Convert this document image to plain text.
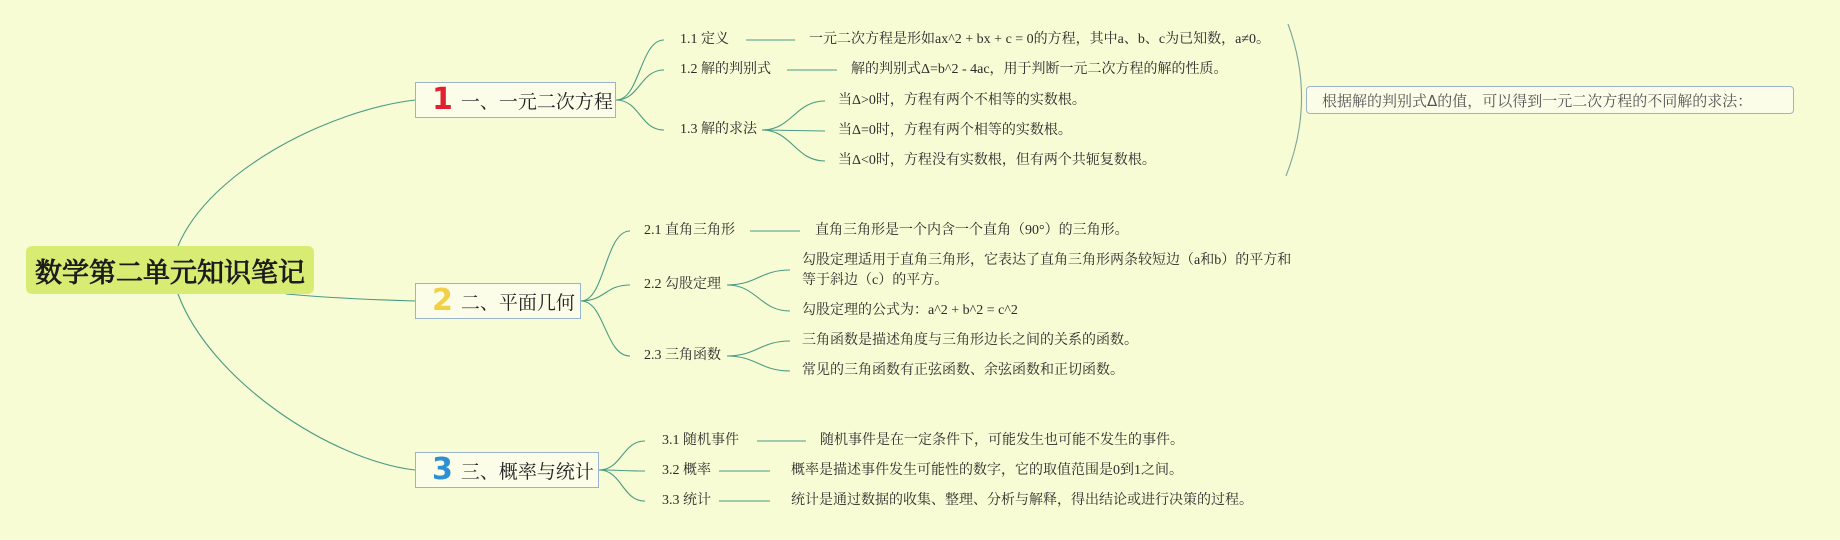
数学第二单元知识笔记
1 一、一元二次方程
2 二、平面几何
3 三、概率与统计
1.1 定义
1.2 解的判别式
1.3 解的求法
一元二次方程是形如ax^2 + bx + c = 0的方程，其中a、b、c为已知数，a≠0。
解的判别式Δ=b^2 - 4ac，用于判断一元二次方程的解的性质。
当Δ>0时，方程有两个不相等的实数根。
当Δ=0时，方程有两个相等的实数根。
当Δ<0时，方程没有实数根，但有两个共轭复数根。
根据解的判别式Δ的值，可以得到一元二次方程的不同解的求法：
2.1 直角三角形
2.2 勾股定理
2.3 三角函数
直角三角形是一个内含一个直角（90°）的三角形。
勾股定理适用于直角三角形，它表达了直角三角形两条较短边（a和b）的平方和等于斜边（c）的平方。
勾股定理的公式为：a^2 + b^2 = c^2
三角函数是描述角度与三角形边长之间的关系的函数。
常见的三角函数有正弦函数、余弦函数和正切函数。
3.1 随机事件
3.2 概率
3.3 统计
随机事件是在一定条件下，可能发生也可能不发生的事件。
概率是描述事件发生可能性的数字，它的取值范围是0到1之间。
统计是通过数据的收集、整理、分析与解释，得出结论或进行决策的过程。
